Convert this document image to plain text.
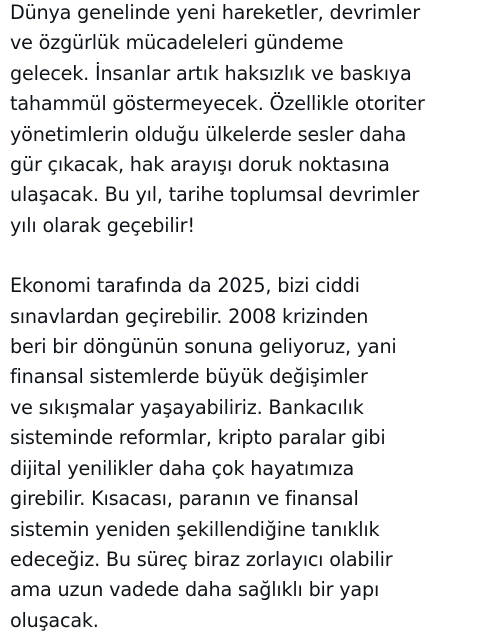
Dünya genelinde yeni hareketler, devrimler
ve özgürlük mücadeleleri gündeme
gelecek. İnsanlar artık haksızlık ve baskıya
tahammül göstermeyecek. Özellikle otoriter
yönetimlerin olduğu ülkelerde sesler daha
gür çıkacak, hak arayışı doruk noktasına
ulaşacak. Bu yıl, tarihe toplumsal devrimler
yılı olarak geçebilir!

Ekonomi tarafında da 2025, bizi ciddi
sınavlardan geçirebilir. 2008 krizinden
beri bir döngünün sonuna geliyoruz, yani
finansal sistemlerde büyük değişimler
ve sıkışmalar yaşayabiliriz. Bankacılık
sisteminde reformlar, kripto paralar gibi
dijital yenilikler daha çok hayatımıza
girebilir. Kısacası, paranın ve finansal
sistemin yeniden şekillendiğine tanıklık
edeceğiz. Bu süreç biraz zorlayıcı olabilir
ama uzun vadede daha sağlıklı bir yapı
oluşacak.
